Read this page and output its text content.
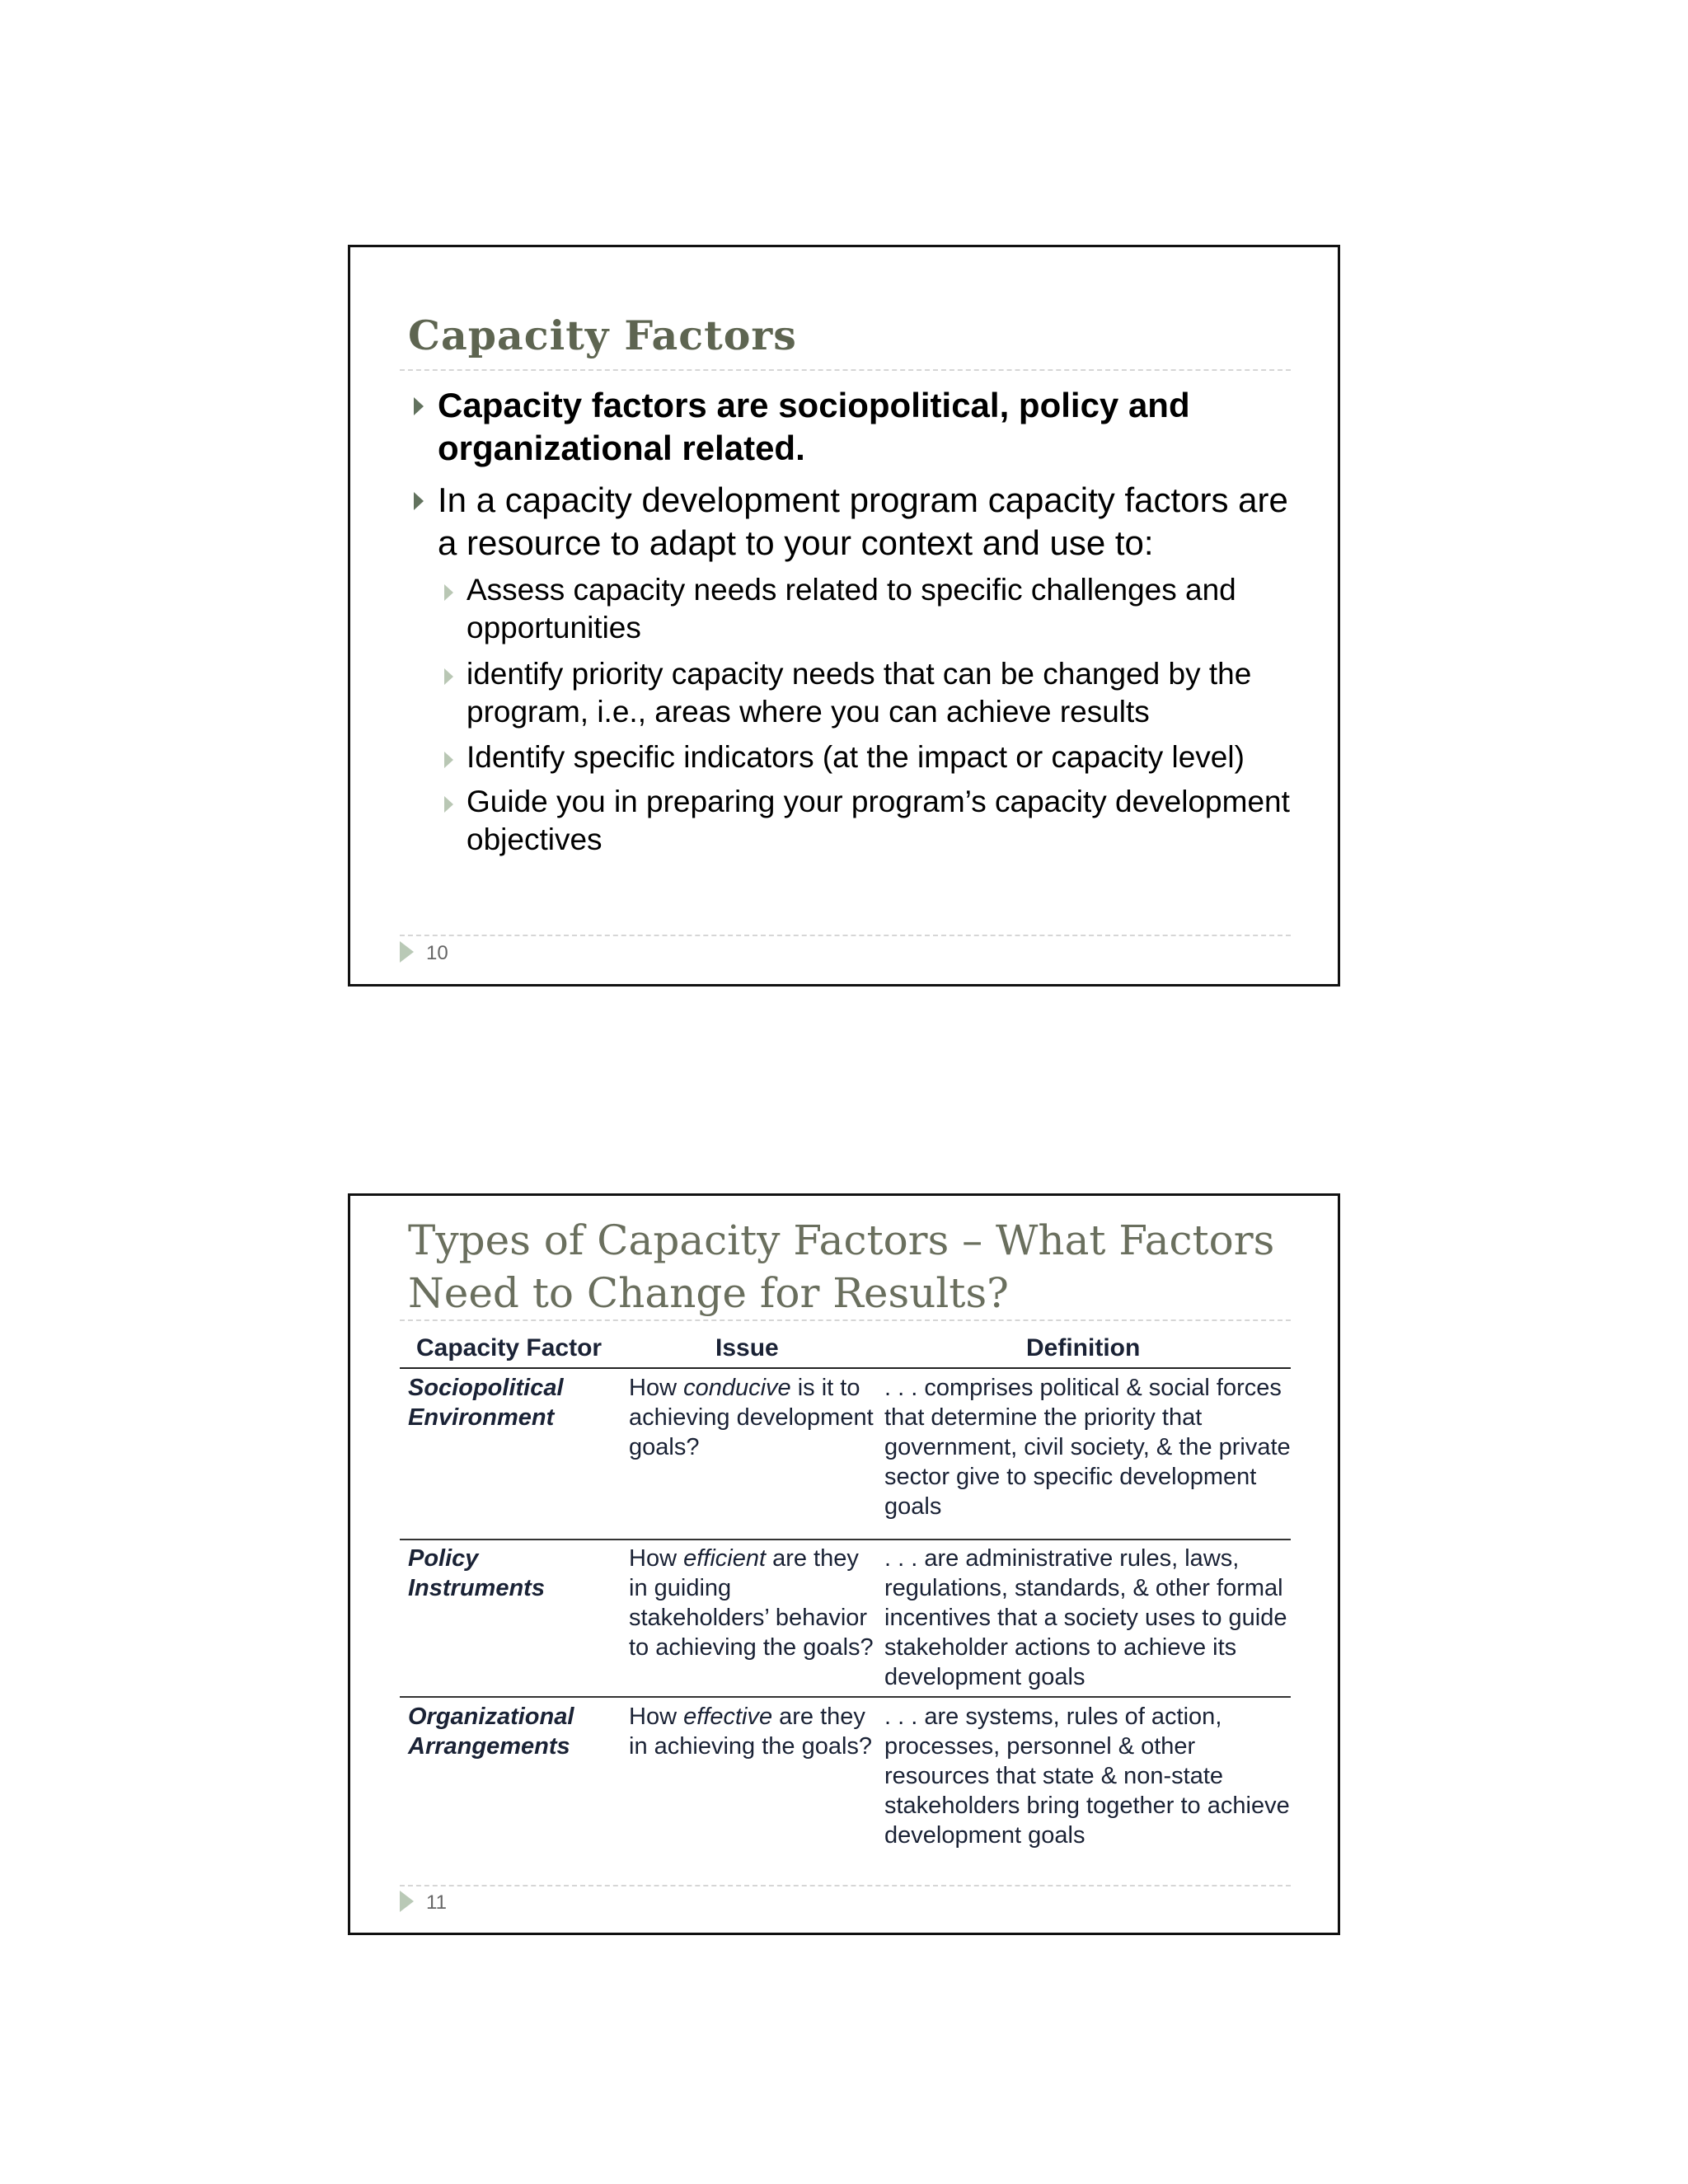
Capacity Factors
Capacity factors are sociopolitical, policy and organizational related.
In a capacity development program capacity factors are a resource to adapt to your context and use to:
Assess capacity needs related to specific challenges and opportunities
identify priority capacity needs that can be changed by the program, i.e., areas where you can achieve results
Identify specific indicators (at the impact or capacity level)
Guide you in preparing your program’s capacity development objectives
10
Types of Capacity Factors – What Factors Need to Change for Results?
Capacity Factor	Issue	Definition
Sociopolitical Environment
How conducive is it to achieving development goals?
. . . comprises political & social forces that determine the priority that government, civil society, & the private sector give to specific development goals
Policy Instruments
How efficient are they in guiding stakeholders’ behavior to achieving the goals?
. . . are administrative rules, laws, regulations, standards, & other formal incentives that a society uses to guide stakeholder actions to achieve its development goals
Organizational Arrangements
How effective are they in achieving the goals?
. . . are systems, rules of action, processes, personnel & other resources that state & non-state stakeholders bring together to achieve development goals
11
